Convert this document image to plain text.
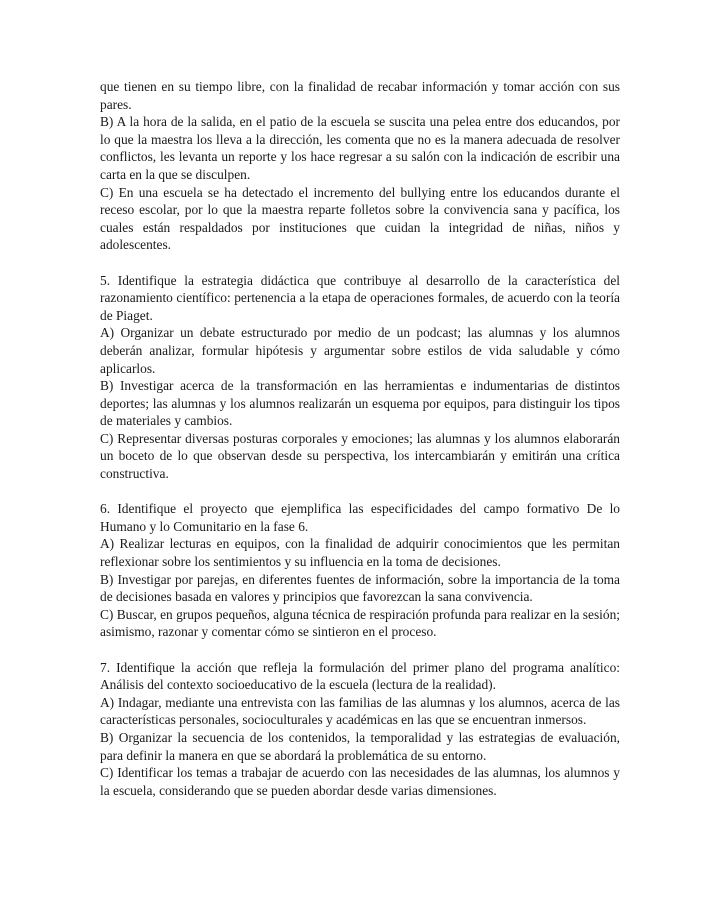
que tienen en su tiempo libre, con la finalidad de recabar información y tomar acción con sus pares.

B) A la hora de la salida, en el patio de la escuela se suscita una pelea entre dos educandos, por lo que la maestra los lleva a la dirección, les comenta que no es la manera adecuada de resolver conflictos, les levanta un reporte y los hace regresar a su salón con la indicación de escribir una carta en la que se disculpen.

C) En una escuela se ha detectado el incremento del bullying entre los educandos durante el receso escolar, por lo que la maestra reparte folletos sobre la convivencia sana y pacífica, los cuales están respaldados por instituciones que cuidan la integridad de niñas, niños y adolescentes.

5. Identifique la estrategia didáctica que contribuye al desarrollo de la característica del razonamiento científico: pertenencia a la etapa de operaciones formales, de acuerdo con la teoría de Piaget.

A) Organizar un debate estructurado por medio de un podcast; las alumnas y los alumnos deberán analizar, formular hipótesis y argumentar sobre estilos de vida saludable y cómo aplicarlos.

B) Investigar acerca de la transformación en las herramientas e indumentarias de distintos deportes; las alumnas y los alumnos realizarán un esquema por equipos, para distinguir los tipos de materiales y cambios.

C) Representar diversas posturas corporales y emociones; las alumnas y los alumnos elaborarán un boceto de lo que observan desde su perspectiva, los intercambiarán y emitirán una crítica constructiva.

6. Identifique el proyecto que ejemplifica las especificidades del campo formativo De lo Humano y lo Comunitario en la fase 6.

A) Realizar lecturas en equipos, con la finalidad de adquirir conocimientos que les permitan reflexionar sobre los sentimientos y su influencia en la toma de decisiones.

B) Investigar por parejas, en diferentes fuentes de información, sobre la importancia de la toma de decisiones basada en valores y principios que favorezcan la sana convivencia.

C) Buscar, en grupos pequeños, alguna técnica de respiración profunda para realizar en la sesión; asimismo, razonar y comentar cómo se sintieron en el proceso.

7. Identifique la acción que refleja la formulación del primer plano del programa analítico: Análisis del contexto socioeducativo de la escuela (lectura de la realidad).

A) Indagar, mediante una entrevista con las familias de las alumnas y los alumnos, acerca de las características personales, socioculturales y académicas en las que se encuentran inmersos.

B) Organizar la secuencia de los contenidos, la temporalidad y las estrategias de evaluación, para definir la manera en que se abordará la problemática de su entorno.

C) Identificar los temas a trabajar de acuerdo con las necesidades de las alumnas, los alumnos y la escuela, considerando que se pueden abordar desde varias dimensiones.
